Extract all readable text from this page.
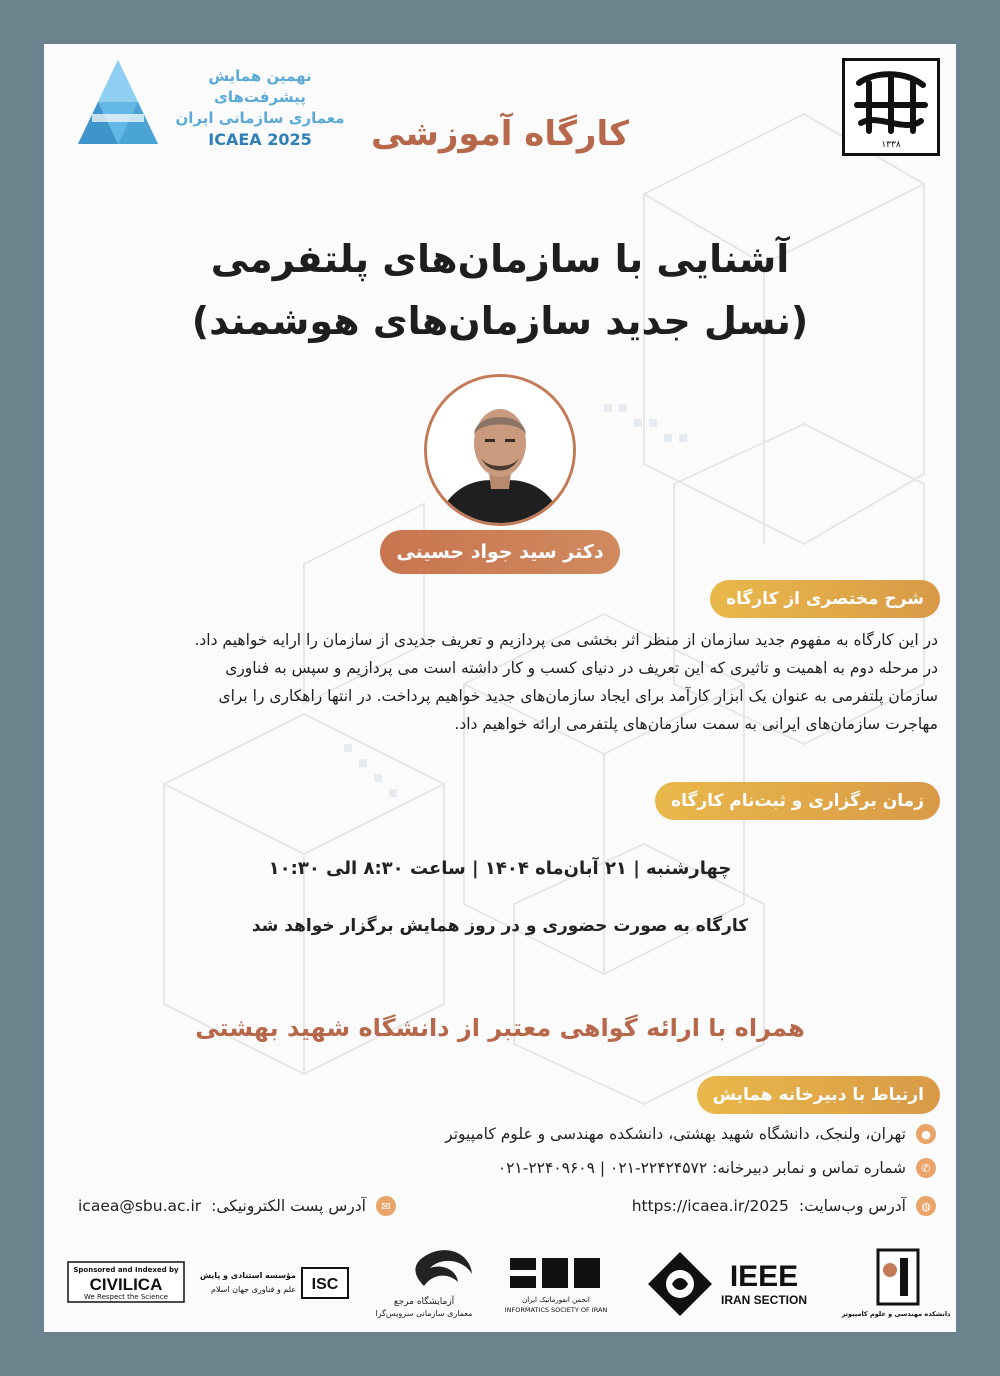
نهمین همایش پیشرفت‌های
معماری سازمانی ایران
ICAEA 2025	۱۳۳۸
کارگاه آموزشی
آشنایی با سازمان‌های پلتفرمی
(نسل جدید سازمان‌های هوشمند)
دکتر سید جواد حسینی
شرح مختصری از کارگاه

در این کارگاه به مفهوم جدید سازمان از منظر اثر بخشی می پردازیم و تعریف جدیدی از سازمان را ارایه خواهیم داد.

در مرحله دوم به اهمیت و تاثیری که این تعریف در دنیای کسب و کار داشته است می پردازیم و سپس به فناوری

سازمان پلتفرمی به عنوان یک ابزار کارآمد برای ایجاد سازمان‌های جدید خواهیم پرداخت. در انتها راهکاری را برای

مهاجرت سازمان‌های ایرانی به سمت سازمان‌های پلتفرمی ارائه خواهیم داد.

زمان برگزاری و ثبت‌نام کارگاه
چهارشنبه | ۲۱ آبان‌ماه ۱۴۰۴ | ساعت ۸:۳۰ الی ۱۰:۳۰
کارگاه به صورت حضوری و در روز همایش برگزار خواهد شد
همراه با ارائه گواهی معتبر از دانشگاه شهید بهشتی
ارتباط با دبیرخانه همایش
●
تهران، ولنجک، دانشگاه شهید بهشتی، دانشکده مهندسی و علوم کامپیوتر
✆
شماره تماس و نمابر دبیرخانه: ۲۲۴۲۴۵۷۲-۰۲۱ | ۲۲۴۰۹۶۰۹-۰۲۱
◍
آدرس وب‌سایت:
https://icaea.ir/2025
✉
آدرس پست الکترونیکی:
icaea@sbu.ac.ir
Sponsored and Indexed by
CIVILICA
We Respect the Science
ISC
مؤسسه استنادی و پایش
علم و فناوری جهان اسلام
آزمایشگاه مرجع
معماری سازمانی سرویس‌گرا
انجمن انفورماتیک ایران
INFORMATICS SOCIETY OF IRAN
IEEE
IRAN SECTION
دانشکده مهندسی و علوم کامپیوتر
